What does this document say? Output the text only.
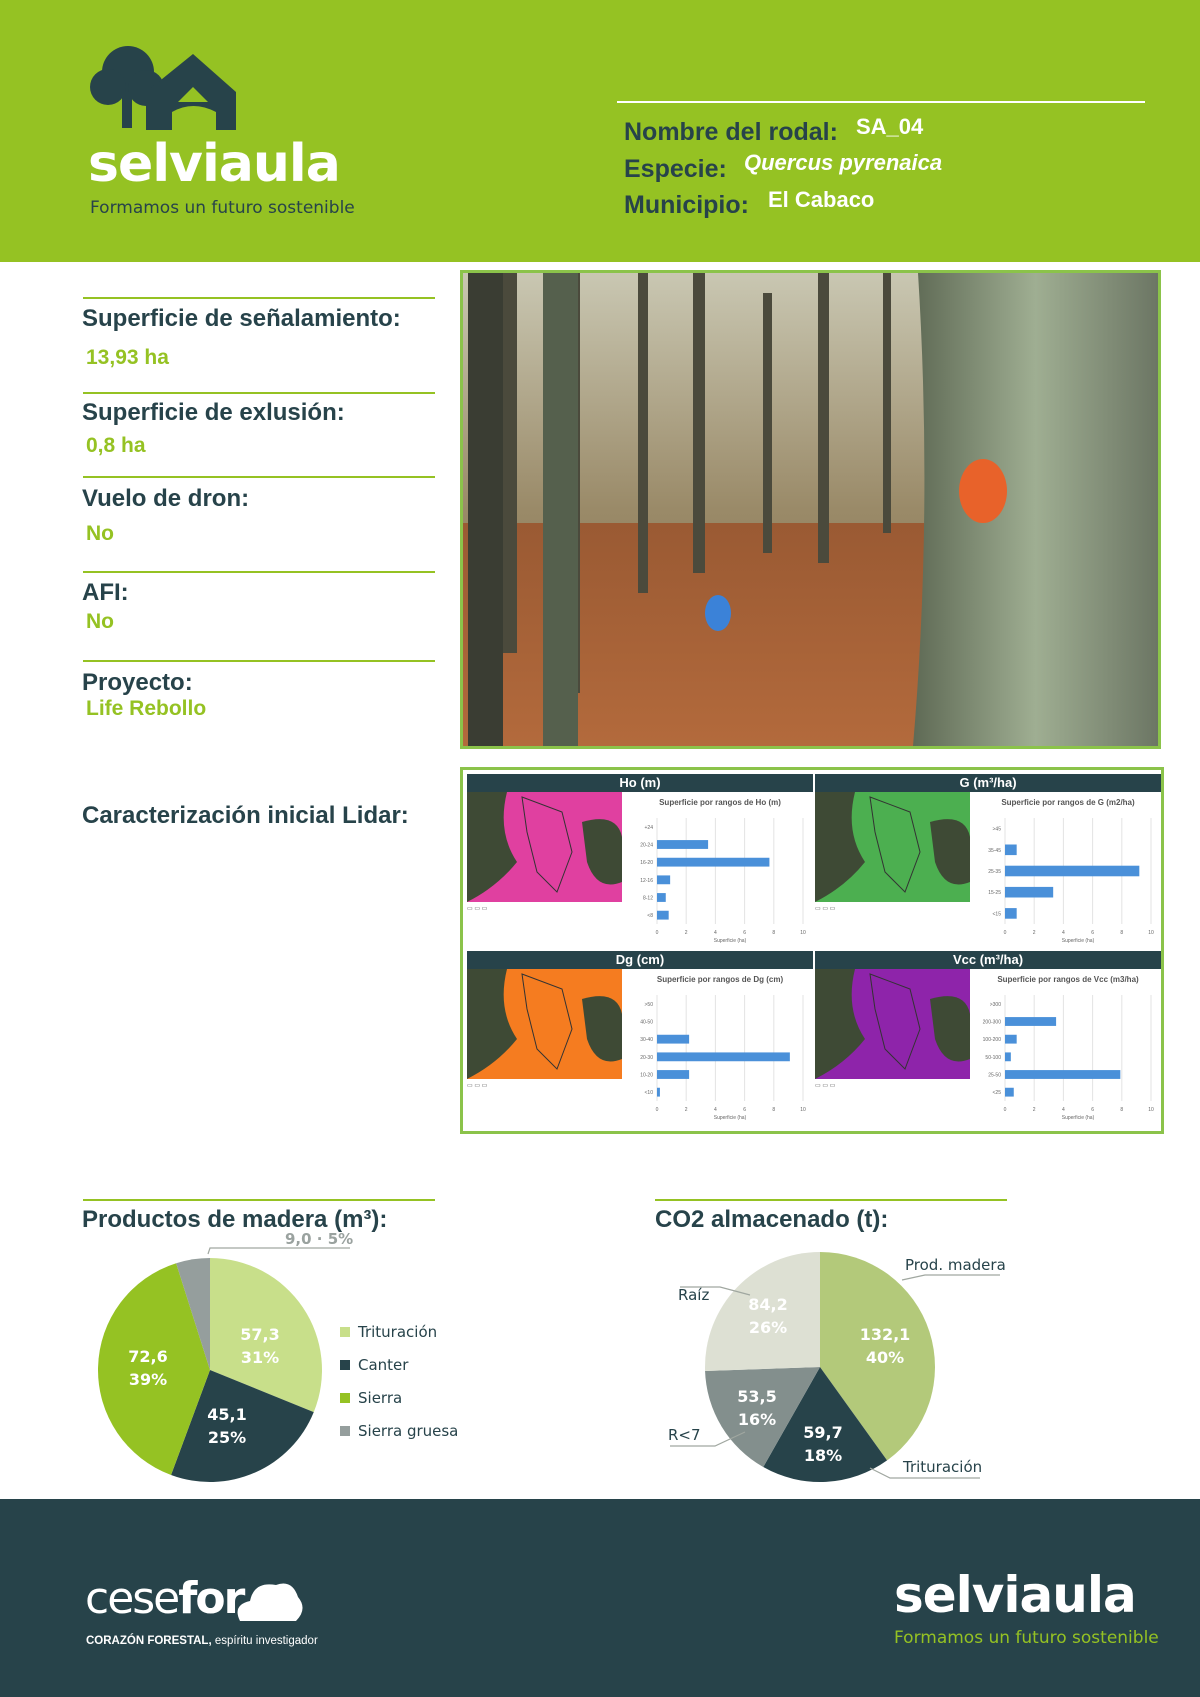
selviaula
Formamos un futuro sostenible
Nombre del rodal: SA_04
Especie: Quercus pyrenaica
Municipio: El Cabaco
Superficie de señalamiento:
13,93 ha
Superficie de exlusión:
0,8 ha
Vuelo de dron:
No
AFI:
No
Proyecto:
Life Rebollo
Caracterización inicial Lidar:
Ho (m)
▭ ▭ ▭
Superficie por rangos de Ho (m)
0	2	4	6	8	10
+24
20-24
16-20
12-16
8-12
<8
Superficie (ha)
G (m³/ha)
▭ ▭ ▭
Superficie por rangos de G (m2/ha)
0	2	4	6	8	10
>45
35-45
25-35
15-25
<15
Superficie (ha)
Dg (cm)
▭ ▭ ▭
Superficie por rangos de Dg (cm)
0	2	4	6	8	10
>50
40-50
30-40
20-30
10-20
<10
Superficie (ha)
Vcc (m³/ha)
▭ ▭ ▭
Superficie por rangos de Vcc (m3/ha)
0	2	4	6	8	10
>300
200-300
100-200
50-100
25-50
<25
Superficie (ha)
Productos de madera (m³):
57,3
31%
45,1
25%
72,6
39%
9,0 · 5%
Trituración
Canter
Sierra
Sierra gruesa
CO2 almacenado (t):
132,1
40%
59,7
18%
53,5
16%
84,2
26%
Prod. madera
Trituración
R<7
Raíz
cesefor
CORAZÓN FORESTAL, espíritu investigador
selviaula
Formamos un futuro sostenible
